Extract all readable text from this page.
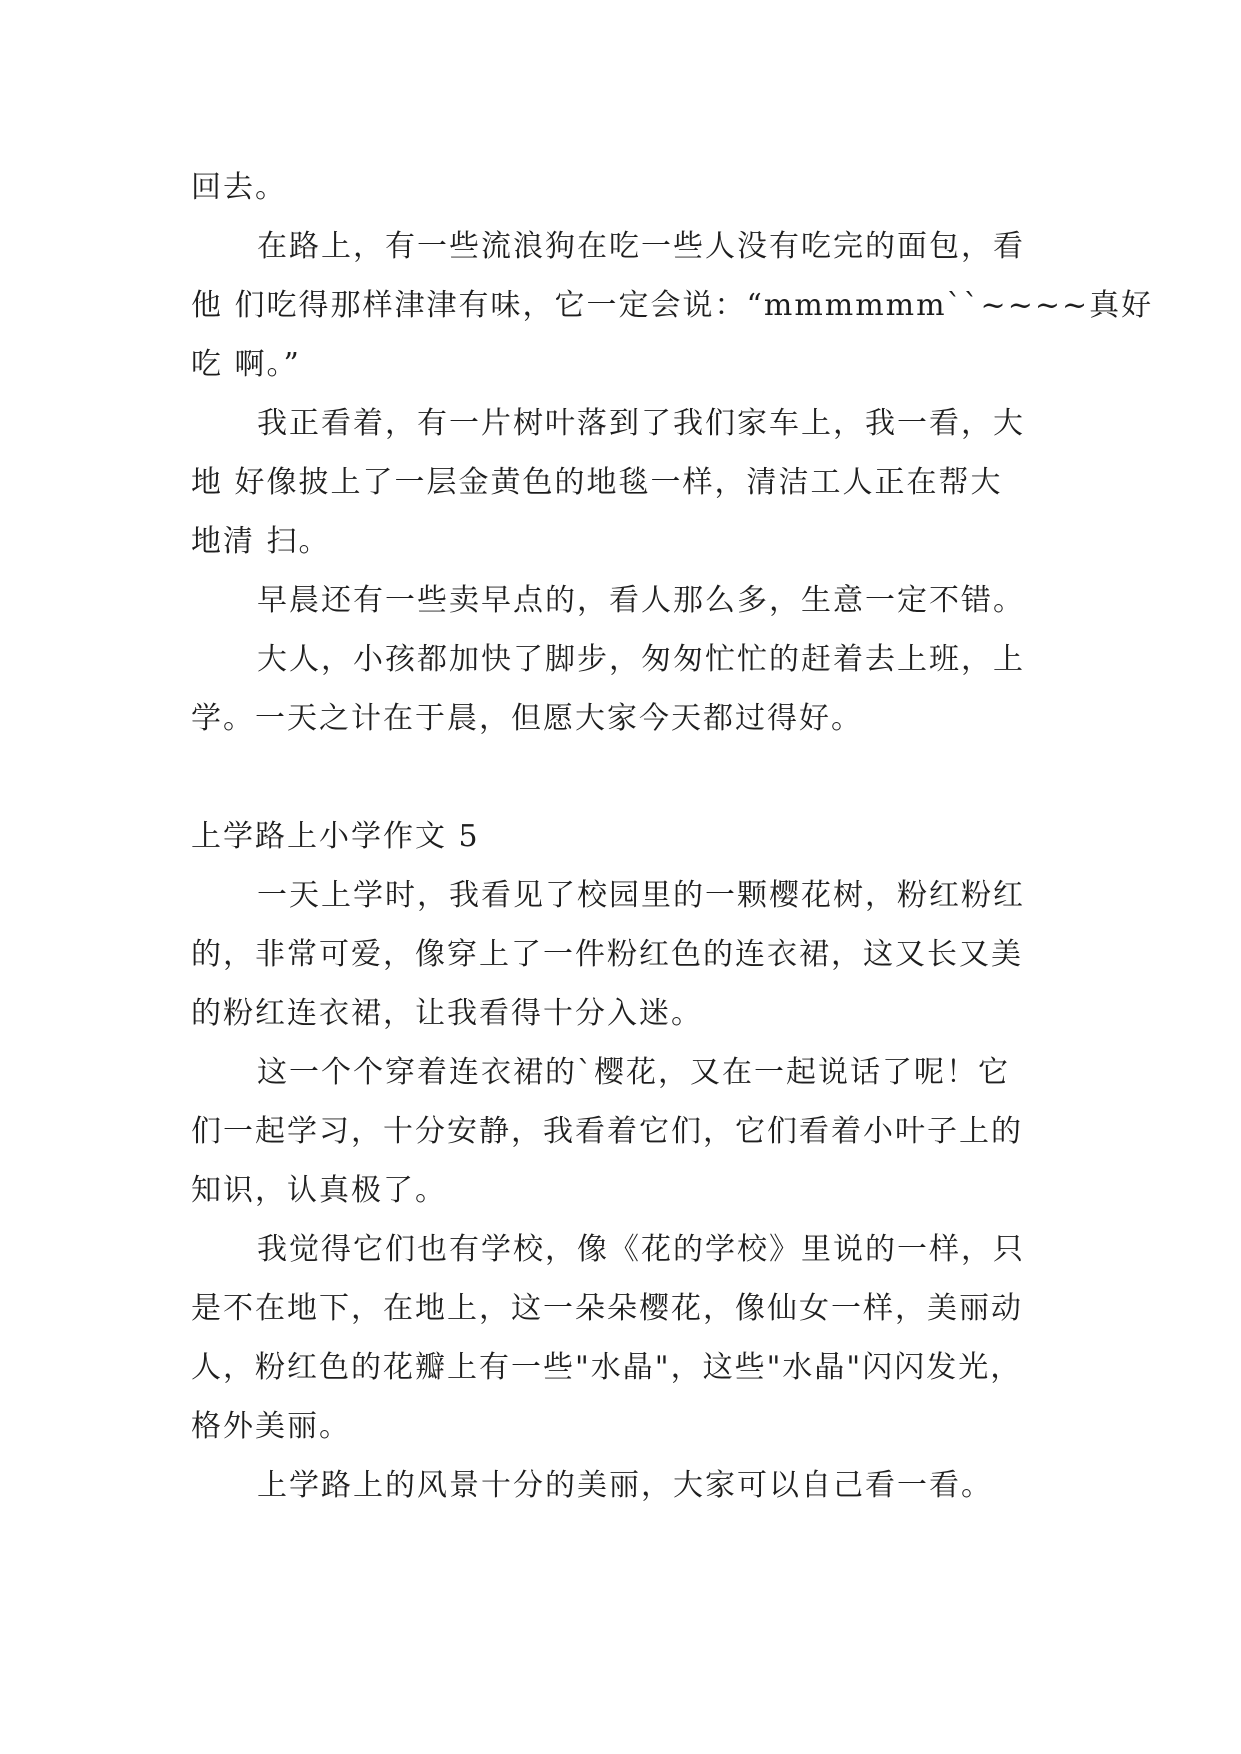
回去。
在路上，有一些流浪狗在吃一些人没有吃完的面包，看
他 们吃得那样津津有味，它一定会说：“mmmmmm``~~~~真好
吃 啊。”
我正看着，有一片树叶落到了我们家车上，我一看，大
地 好像披上了一层金黄色的地毯一样，清洁工人正在帮大
地清 扫。
早晨还有一些卖早点的，看人那么多，生意一定不错。
大人，小孩都加快了脚步，匆匆忙忙的赶着去上班，上
学。一天之计在于晨，但愿大家今天都过得好。
上学路上小学作文 5
一天上学时，我看见了校园里的一颗樱花树，粉红粉红
的，非常可爱，像穿上了一件粉红色的连衣裙，这又长又美
的粉红连衣裙，让我看得十分入迷。
这一个个穿着连衣裙的`樱花，又在一起说话了呢！它
们一起学习，十分安静，我看着它们，它们看着小叶子上的
知识，认真极了。
我觉得它们也有学校，像《花的学校》里说的一样，只
是不在地下，在地上，这一朵朵樱花，像仙女一样，美丽动
人，粉红色的花瓣上有一些"水晶"，这些"水晶"闪闪发光，
格外美丽。
上学路上的风景十分的美丽，大家可以自己看一看。
